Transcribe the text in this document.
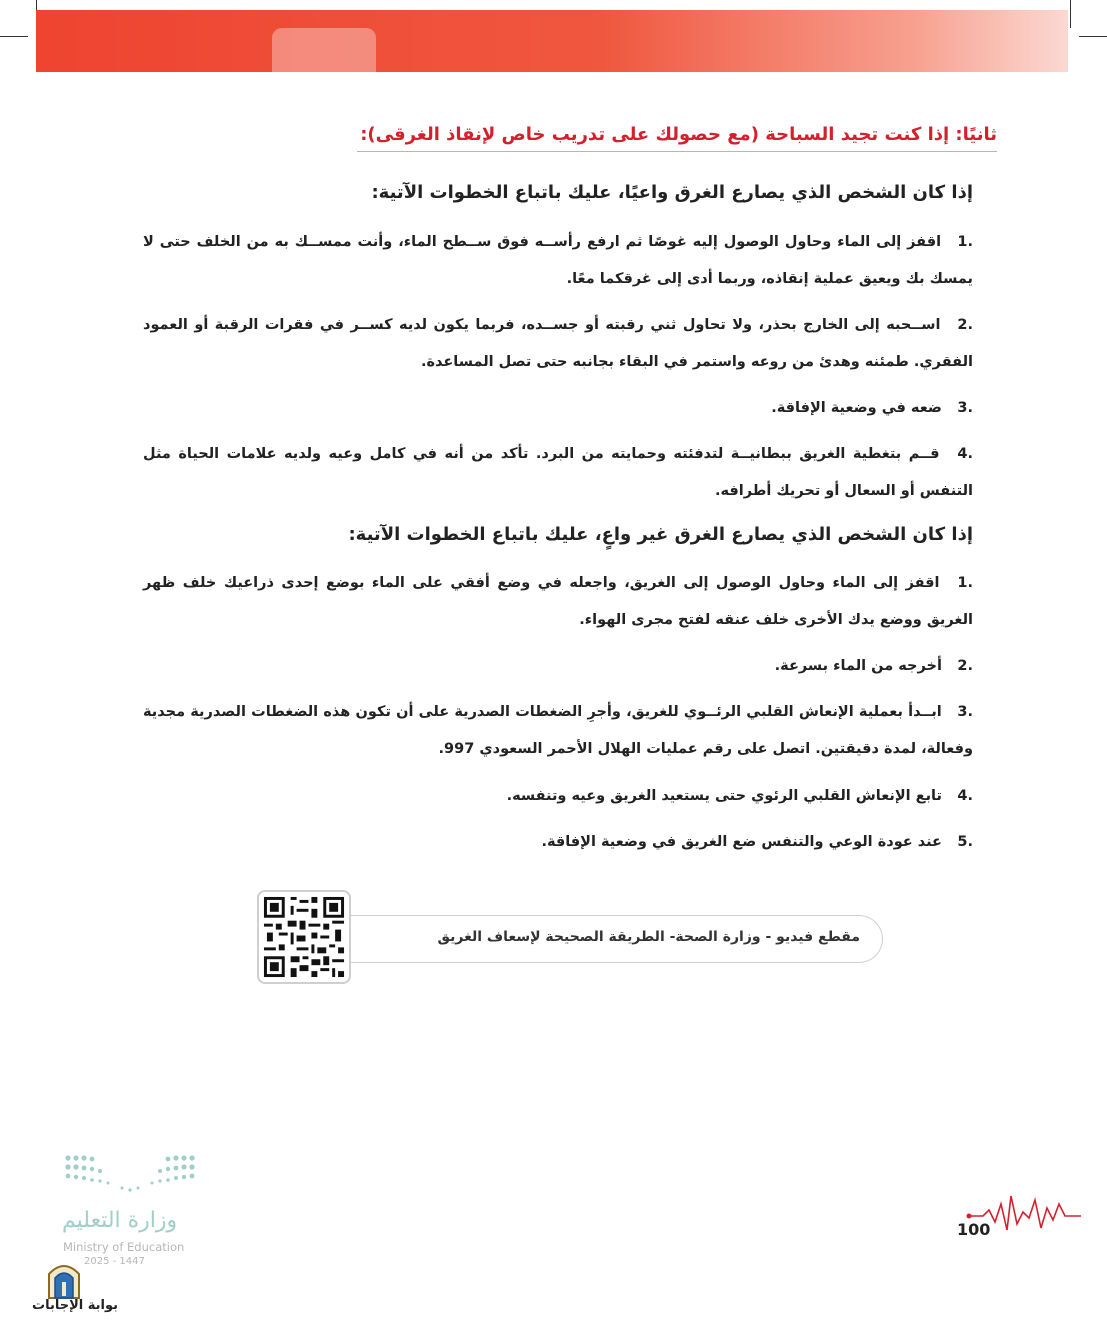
ثانيًا: إذا كنت تجيد السباحة (مع حصولك على تدريب خاص لإنقاذ الغرقى):
إذا كان الشخص الذي يصارع الغرق واعيًا، عليك باتباع الخطوات الآتية:
.1 اقفز إلى الماء وحاول الوصول إليه غوصًا ثم ارفع رأســه فوق ســطح الماء، وأنت ممســك به من الخلف حتى لا يمسك بك ويعيق عملية إنقاذه، وربما أدى إلى غرقكما معًا.
.2 اســحبه إلى الخارج بحذر، ولا تحاول ثني رقبته أو جســده، فربما يكون لديه كســر في فقرات الرقبة أو العمود الفقري. طمئنه وهدئ من روعه واستمر في البقاء بجانبه حتى تصل المساعدة.
.3 ضعه في وضعية الإفاقة.
.4 قــم بتغطية الغريق ببطانيــة لتدفئته وحمايته من البرد. تأكد من أنه في كامل وعيه ولديه علامات الحياة مثل التنفس أو السعال أو تحريك أطرافه.
إذا كان الشخص الذي يصارع الغرق غير واعٍ، عليك باتباع الخطوات الآتية:
.1 اقفز إلى الماء وحاول الوصول إلى الغريق، واجعله في وضع أفقي على الماء بوضع إحدى ذراعيك خلف ظهر الغريق ووضع يدك الأخرى خلف عنقه لفتح مجرى الهواء.
.2 أخرجه من الماء بسرعة.
.3 ابــدأ بعملية الإنعاش القلبي الرئــوي للغريق، وأجرِ الضغطات الصدرية على أن تكون هذه الضغطات الصدرية مجدية وفعالة، لمدة دقيقتين. اتصل على رقم عمليات الهلال الأحمر السعودي 997.
.4 تابع الإنعاش القلبي الرئوي حتى يستعيد الغريق وعيه وتنفسه.
.5 عند عودة الوعي والتنفس ضع الغريق في وضعية الإفاقة.
مقطع فيديو - وزارة الصحة- الطريقة الصحيحة لإسعاف الغريق
100
وزارة التعليم
Ministry of Education
2025 - 1447
بوابة الإجابات
